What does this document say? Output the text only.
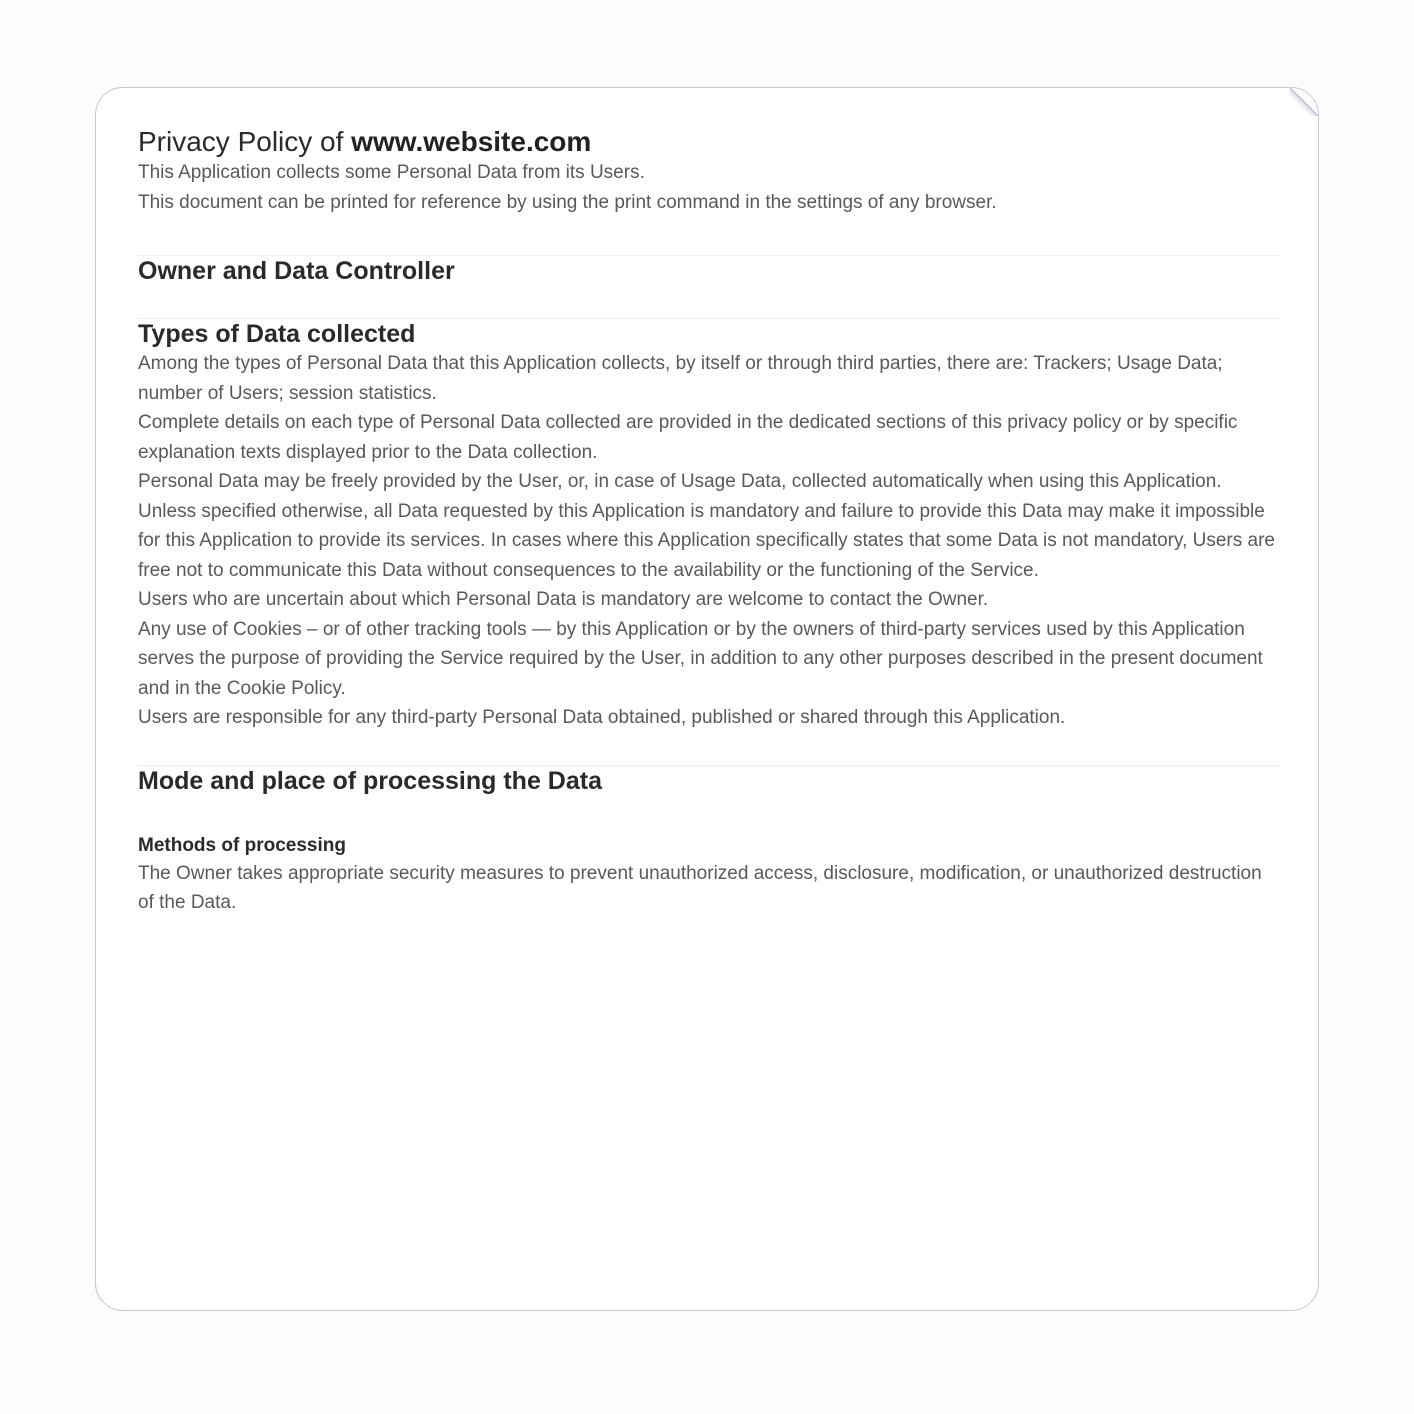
Privacy Policy of www.website.com

This Application collects some Personal Data from its Users.

This document can be printed for reference by using the print command in the settings of any browser.

Owner and Data Controller
Types of Data collected

Among the types of Personal Data that this Application collects, by itself or through third parties, there are: Trackers; Usage Data; number of Users; session statistics.

Complete details on each type of Personal Data collected are provided in the dedicated sections of this privacy policy or by specific explanation texts displayed prior to the Data collection.
Personal Data may be freely provided by the User, or, in case of Usage Data, collected automatically when using this Application.
Unless specified otherwise, all Data requested by this Application is mandatory and failure to provide this Data may make it impossible for this Application to provide its services. In cases where this Application specifically states that some Data is not mandatory, Users are free not to communicate this Data without consequences to the availability or the functioning of the Service.
Users who are uncertain about which Personal Data is mandatory are welcome to contact the Owner.
Any use of Cookies – or of other tracking tools — by this Application or by the owners of third-party services used by this Application serves the purpose of providing the Service required by the User, in addition to any other purposes described in the present document and in the Cookie Policy.

Users are responsible for any third-party Personal Data obtained, published or shared through this Application.

Mode and place of processing the Data
Methods of processing

The Owner takes appropriate security measures to prevent unauthorized access, disclosure, modification, or unauthorized destruction of the Data.
